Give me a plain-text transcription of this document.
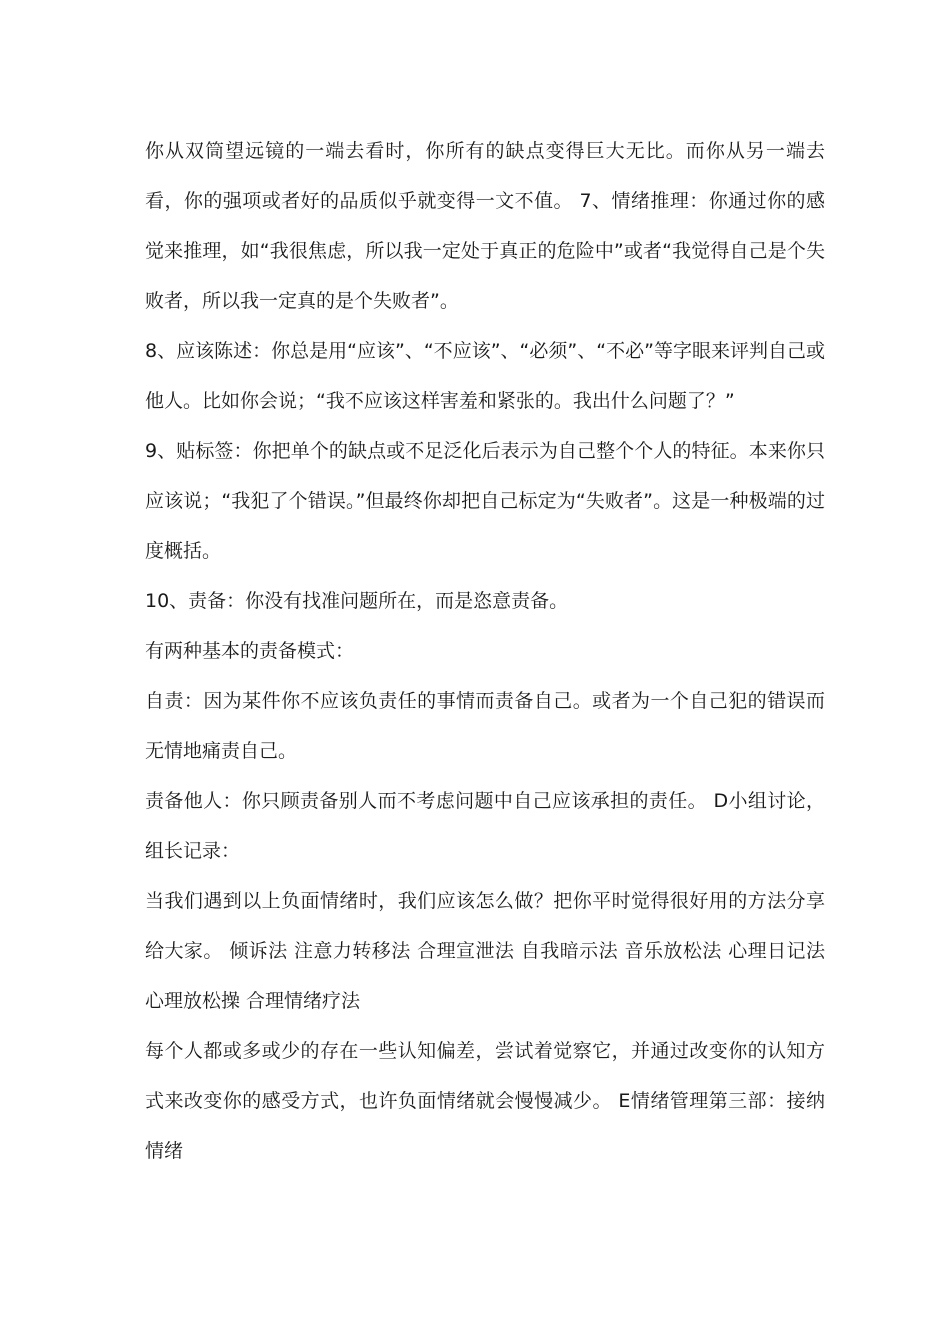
你从双筒望远镜的一端去看时，你所有的缺点变得巨大无比。而你从另一端去看，你的强项或者好的品质似乎就变得一文不值。 7、情绪推理：你通过你的感觉来推理，如“我很焦虑，所以我一定处于真正的危险中”或者“我觉得自己是个失败者，所以我一定真的是个失败者”。

8、应该陈述：你总是用“应该”、“不应该”、“必须”、“不必”等字眼来评判自己或他人。比如你会说；“我不应该这样害羞和紧张的。我出什么问题了？”

9、贴标签：你把单个的缺点或不足泛化后表示为自己整个个人的特征。本来你只应该说；“我犯了个错误。”但最终你却把自己标定为“失败者”。这是一种极端的过度概括。

10、责备：你没有找准问题所在，而是恣意责备。

有两种基本的责备模式：

自责：因为某件你不应该负责任的事情而责备自己。或者为一个自己犯的错误而无情地痛责自己。

责备他人：你只顾责备别人而不考虑问题中自己应该承担的责任。 D小组讨论，组长记录：

当我们遇到以上负面情绪时，我们应该怎么做？把你平时觉得很好用的方法分享给大家。 倾诉法 注意力转移法 合理宣泄法 自我暗示法 音乐放松法 心理日记法 心理放松操 合理情绪疗法

每个人都或多或少的存在一些认知偏差，尝试着觉察它，并通过改变你的认知方式来改变你的感受方式，也许负面情绪就会慢慢减少。 E情绪管理第三部：接纳情绪
